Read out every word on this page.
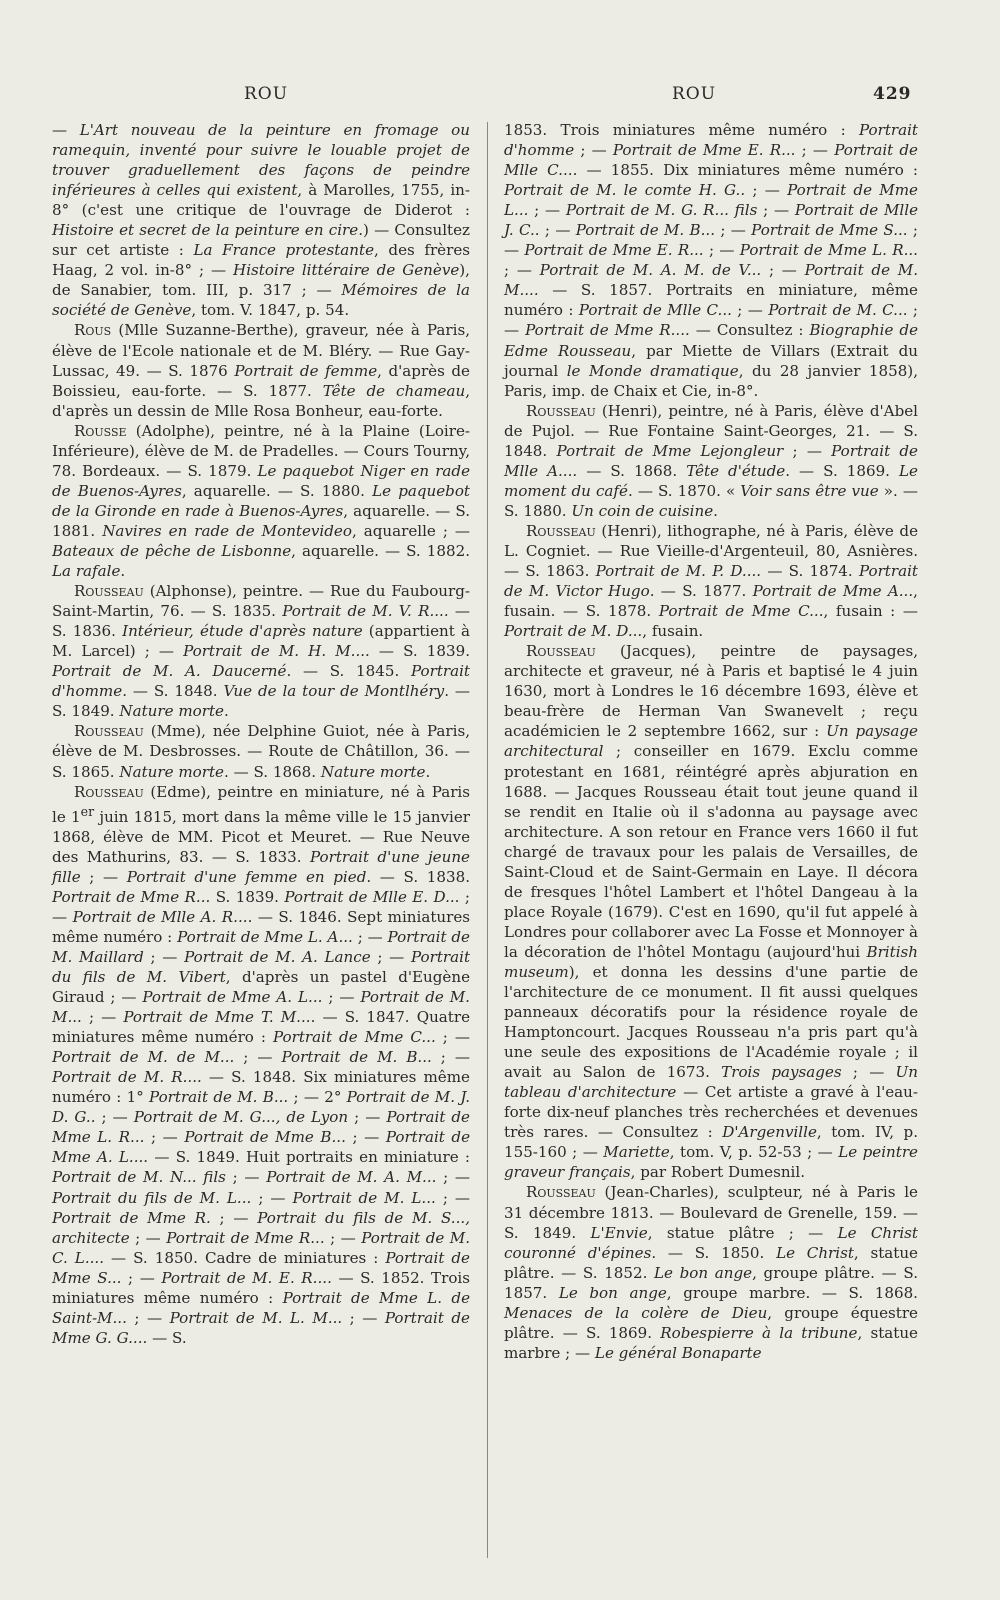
ROU	ROU	429

— L'Art nouveau de la peinture en fromage ou ramequin, inventé pour suivre le louable projet de trouver graduellement des façons de peindre inférieures à celles qui existent, à Marolles, 1755, in-8° (c'est une critique de l'ouvrage de Diderot : Histoire et secret de la peinture en cire.) — Consultez sur cet artiste : La France protestante, des frères Haag, 2 vol. in-8° ; — Histoire littéraire de Genève), de Sanabier, tom. III, p. 317 ; — Mémoires de la société de Genève, tom. V. 1847, p. 54.

Rous (Mlle Suzanne-Berthe), graveur, née à Paris, élève de l'Ecole nationale et de M. Bléry. — Rue Gay-Lussac, 49. — S. 1876 Portrait de femme, d'après de Boissieu, eau-forte. — S. 1877. Tête de chameau, d'après un dessin de Mlle Rosa Bonheur, eau-forte.

Rousse (Adolphe), peintre, né à la Plaine (Loire-Inférieure), élève de M. de Pradelles. — Cours Tourny, 78. Bordeaux. — S. 1879. Le paquebot Niger en rade de Buenos-Ayres, aquarelle. — S. 1880. Le paquebot de la Gironde en rade à Buenos-Ayres, aquarelle. — S. 1881. Navires en rade de Montevideo, aquarelle ; — Bateaux de pêche de Lisbonne, aquarelle. — S. 1882. La rafale.

Rousseau (Alphonse), peintre. — Rue du Faubourg-Saint-Martin, 76. — S. 1835. Portrait de M. V. R.... — S. 1836. Intérieur, étude d'après nature (appartient à M. Larcel) ; — Portrait de M. H. M.... — S. 1839. Portrait de M. A. Daucerné. — S. 1845. Portrait d'homme. — S. 1848. Vue de la tour de Montlhéry. — S. 1849. Nature morte.

Rousseau (Mme), née Delphine Guiot, née à Paris, élève de M. Desbrosses. — Route de Châtillon, 36. — S. 1865. Nature morte. — S. 1868. Nature morte.

Rousseau (Edme), peintre en miniature, né à Paris le 1er juin 1815, mort dans la même ville le 15 janvier 1868, élève de MM. Picot et Meuret. — Rue Neuve des Mathurins, 83. — S. 1833. Portrait d'une jeune fille ; — Portrait d'une femme en pied. — S. 1838. Portrait de Mme R... S. 1839. Portrait de Mlle E. D... ; — Portrait de Mlle A. R.... — S. 1846. Sept miniatures même numéro : Portrait de Mme L. A... ; — Portrait de M. Maillard ; — Portrait de M. A. Lance ; — Portrait du fils de M. Vibert, d'après un pastel d'Eugène Giraud ; — Portrait de Mme A. L... ; — Portrait de M. M... ; — Portrait de Mme T. M.... — S. 1847. Quatre miniatures même numéro : Portrait de Mme C... ; — Portrait de M. de M... ; — Portrait de M. B... ; — Portrait de M. R.... — S. 1848. Six miniatures même numéro : 1° Portrait de M. B... ; — 2° Portrait de M. J. D. G.. ; — Portrait de M. G..., de Lyon ; — Portrait de Mme L. R... ; — Portrait de Mme B... ; — Portrait de Mme A. L.... — S. 1849. Huit portraits en miniature : Portrait de M. N... fils ; — Portrait de M. A. M... ; — Portrait du fils de M. L... ; — Portrait de M. L... ; — Portrait de Mme R. ; — Portrait du fils de M. S..., architecte ; — Portrait de Mme R... ; — Portrait de M. C. L.... — S. 1850. Cadre de miniatures : Portrait de Mme S... ; — Portrait de M. E. R.... — S. 1852. Trois miniatures même numéro : Portrait de Mme L. de Saint-M... ; — Portrait de M. L. M... ; — Portrait de Mme G. G.... — S.

1853. Trois miniatures même numéro : Portrait d'homme ; — Portrait de Mme E. R... ; — Portrait de Mlle C.... — 1855. Dix miniatures même numéro : Portrait de M. le comte H. G.. ; — Portrait de Mme L... ; — Portrait de M. G. R... fils ; — Portrait de Mlle J. C.. ; — Portrait de M. B... ; — Portrait de Mme S... ; — Portrait de Mme E. R... ; — Portrait de Mme L. R... ; — Portrait de M. A. M. de V... ; — Portrait de M. M.... — S. 1857. Portraits en miniature, même numéro : Portrait de Mlle C... ; — Portrait de M. C... ; — Portrait de Mme R.... — Consultez : Biographie de Edme Rousseau, par Miette de Villars (Extrait du journal le Monde dramatique, du 28 janvier 1858), Paris, imp. de Chaix et Cie, in-8°.

Rousseau (Henri), peintre, né à Paris, élève d'Abel de Pujol. — Rue Fontaine Saint-Georges, 21. — S. 1848. Portrait de Mme Lejongleur ; — Portrait de Mlle A.... — S. 1868. Tête d'étude. — S. 1869. Le moment du café. — S. 1870. « Voir sans être vue ». — S. 1880. Un coin de cuisine.

Rousseau (Henri), lithographe, né à Paris, élève de L. Cogniet. — Rue Vieille-d'Argenteuil, 80, Asnières. — S. 1863. Portrait de M. P. D.... — S. 1874. Portrait de M. Victor Hugo. — S. 1877. Portrait de Mme A..., fusain. — S. 1878. Portrait de Mme C..., fusain : — Portrait de M. D..., fusain.

Rousseau (Jacques), peintre de paysages, architecte et graveur, né à Paris et baptisé le 4 juin 1630, mort à Londres le 16 décembre 1693, élève et beau-frère de Herman Van Swanevelt ; reçu académicien le 2 septembre 1662, sur : Un paysage architectural ; conseiller en 1679. Exclu comme protestant en 1681, réintégré après abjuration en 1688. — Jacques Rousseau était tout jeune quand il se rendit en Italie où il s'adonna au paysage avec architecture. A son retour en France vers 1660 il fut chargé de travaux pour les palais de Versailles, de Saint-Cloud et de Saint-Germain en Laye. Il décora de fresques l'hôtel Lambert et l'hôtel Dangeau à la place Royale (1679). C'est en 1690, qu'il fut appelé à Londres pour collaborer avec La Fosse et Monnoyer à la décoration de l'hôtel Montagu (aujourd'hui British museum), et donna les dessins d'une partie de l'architecture de ce monument. Il fit aussi quelques panneaux décoratifs pour la résidence royale de Hamptoncourt. Jacques Rousseau n'a pris part qu'à une seule des expositions de l'Académie royale ; il avait au Salon de 1673. Trois paysages ; — Un tableau d'architecture — Cet artiste a gravé à l'eau-forte dix-neuf planches très recherchées et devenues très rares. — Consultez : D'Argenville, tom. IV, p. 155-160 ; — Mariette, tom. V, p. 52-53 ; — Le peintre graveur français, par Robert Dumesnil.

Rousseau (Jean-Charles), sculpteur, né à Paris le 31 décembre 1813. — Boulevard de Grenelle, 159. — S. 1849. L'Envie, statue plâtre ; — Le Christ couronné d'épines. — S. 1850. Le Christ, statue plâtre. — S. 1852. Le bon ange, groupe plâtre. — S. 1857. Le bon ange, groupe marbre. — S. 1868. Menaces de la colère de Dieu, groupe équestre plâtre. — S. 1869. Robespierre à la tribune, statue marbre ; — Le général Bonaparte
